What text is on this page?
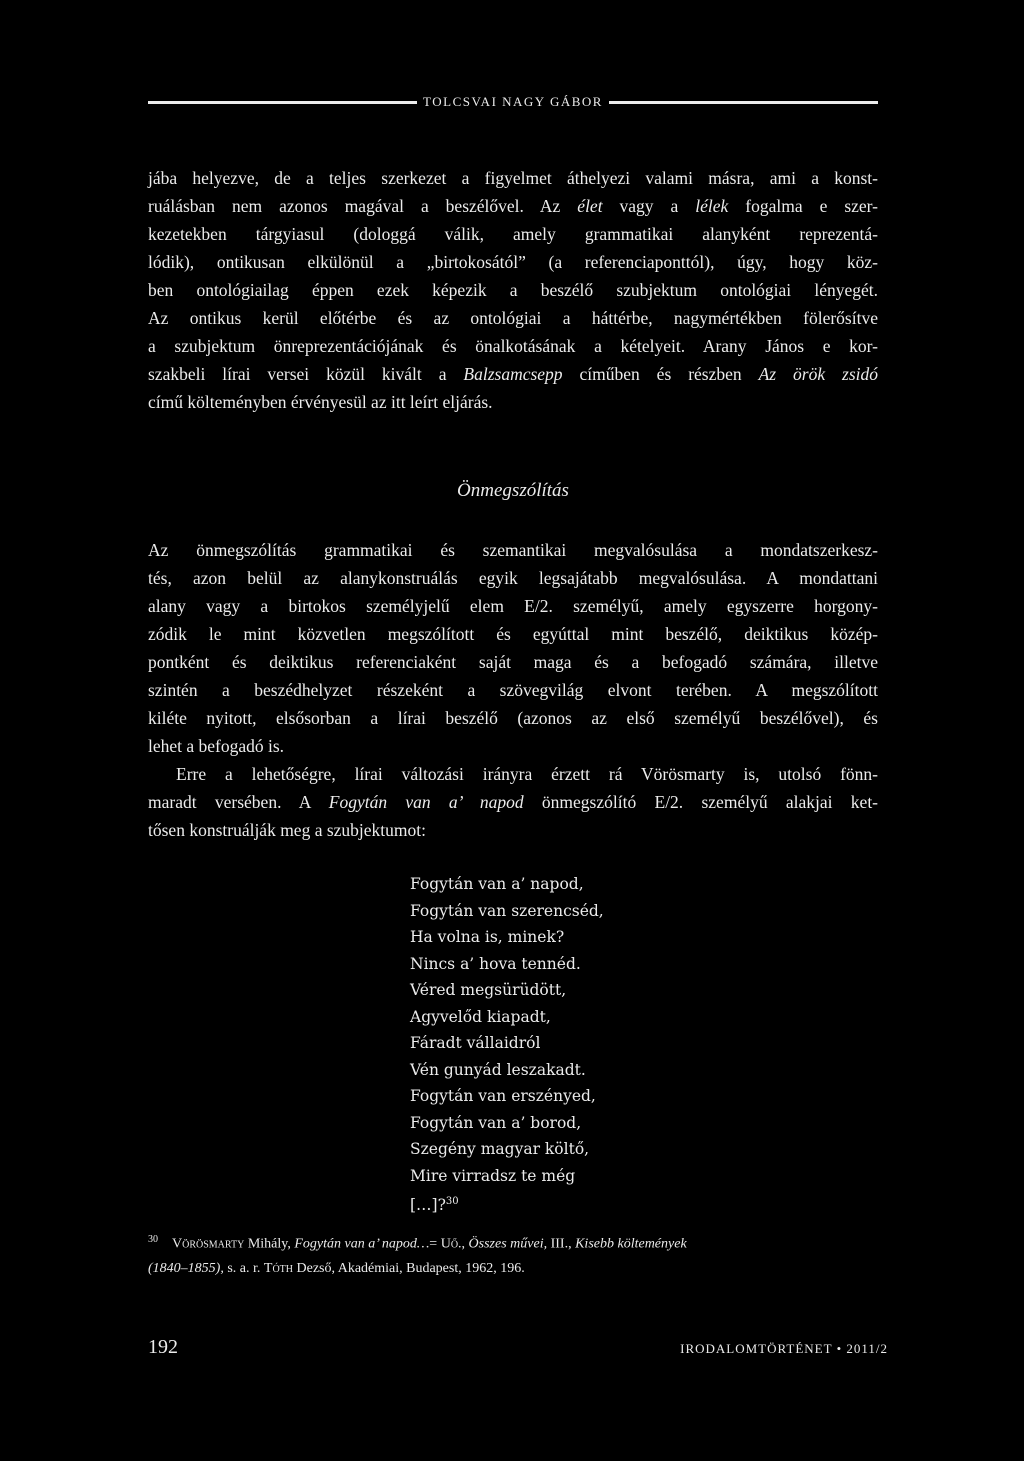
TOLCSVAI NAGY GÁBOR

jába helyezve, de a teljes szerkezet a figyelmet áthelyezi valami másra, ami a konst-
ruálásban nem azonos magával a beszélővel. Az élet vagy a lélek fogalma e szer-
kezetekben tárgyiasul (dologgá válik, amely grammatikai alanyként reprezentá-
lódik), ontikusan elkülönül a „birtokosától” (a referenciaponttól), úgy, hogy köz-
ben ontológiailag éppen ezek képezik a beszélő szubjektum ontológiai lényegét.
Az ontikus kerül előtérbe és az ontológiai a háttérbe, nagymértékben fölerősítve
a szubjektum önreprezentációjának és önalkotásának a kételyeit. Arany János e kor-
szakbeli lírai versei közül kivált a Balzsamcsepp címűben és részben Az örök zsidó
című költeményben érvényesül az itt leírt eljárás.

Önmegszólítás

Az önmegszólítás grammatikai és szemantikai megvalósulása a mondatszerkesz-
tés, azon belül az alanykonstruálás egyik legsajátabb megvalósulása. A mondattani
alany vagy a birtokos személyjelű elem E/2. személyű, amely egyszerre horgony-
zódik le mint közvetlen megszólított és egyúttal mint beszélő, deiktikus közép-
pontként és deiktikus referenciaként saját maga és a befogadó számára, illetve
szintén a beszédhelyzet részeként a szövegvilág elvont terében. A megszólított
kiléte nyitott, elsősorban a lírai beszélő (azonos az első személyű beszélővel), és
lehet a befogadó is.

Erre a lehetőségre, lírai változási irányra érzett rá Vörösmarty is, utolsó fönn-
maradt versében. A Fogytán van a’ napod önmegszólító E/2. személyű alakjai ket-
tősen konstruálják meg a szubjektumot:

Fogytán van a’ napod,
Fogytán van szerencséd,
Ha volna is, minek?
Nincs a’ hova tennéd.
Véred megsürüdött,
Agyvelőd kiapadt,
Fáradt vállaidról
Vén gunyád leszakadt.
Fogytán van erszényed,
Fogytán van a’ borod,
Szegény magyar költő,
Mire virradsz te még
[…]?$^{30}$
$^{30}$ Vörösmarty Mihály, Fogytán van a’ napod…= Uő., Összes művei, III., Kisebb költemények
(1840–1855), s. a. r. Tóth Dezső, Akadémiai, Budapest, 1962, 196.
192	IRODALOMTÖRTÉNET • 2011/2
